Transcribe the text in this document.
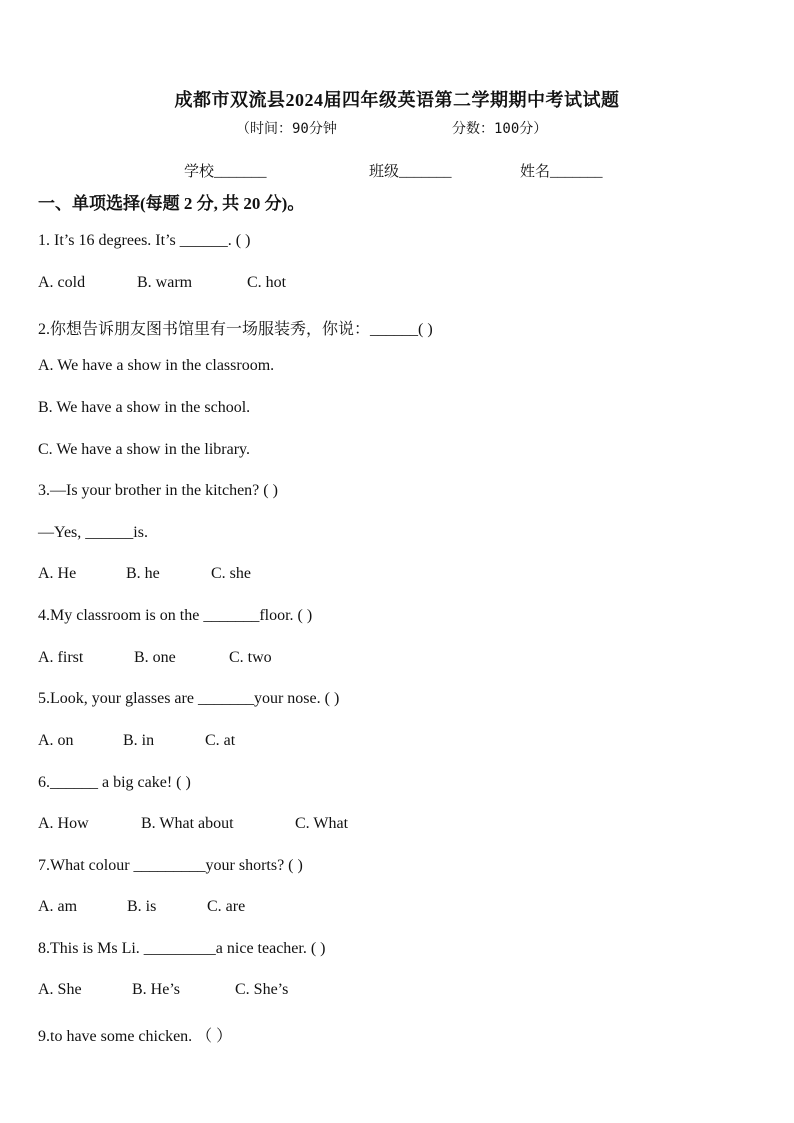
成都市双流县2024届四年级英语第二学期期中考试试题
（时间：90分钟	分数：100分）
学校_______	班级_______	姓名_______
一、单项选择(每题 2 分, 共 20 分)。
1. It’s 16 degrees. It’s ______. ( )
A. cold	B. warm	C. hot
2.你想告诉朋友图书馆里有一场服装秀，你说：______( )
A. We have a show in the classroom.
B. We have a show in the school.
C. We have a show in the library.
3.—Is your brother in the kitchen? ( )
—Yes, ______is.
A. He	B. he	C. she
4.My classroom is on the _______floor. ( )
A. first	B. one	C. two
5.Look, your glasses are _______your nose. ( )
A. on	B. in	C. at
6.______ a big cake! ( )
A. How	B. What about	C. What
7.What colour _________your shorts? ( )
A. am	B. is	C. are
8.This is Ms Li. _________a nice teacher. ( )
A. She	B. He’s	C. She’s
9.to have some chicken. （ ）
